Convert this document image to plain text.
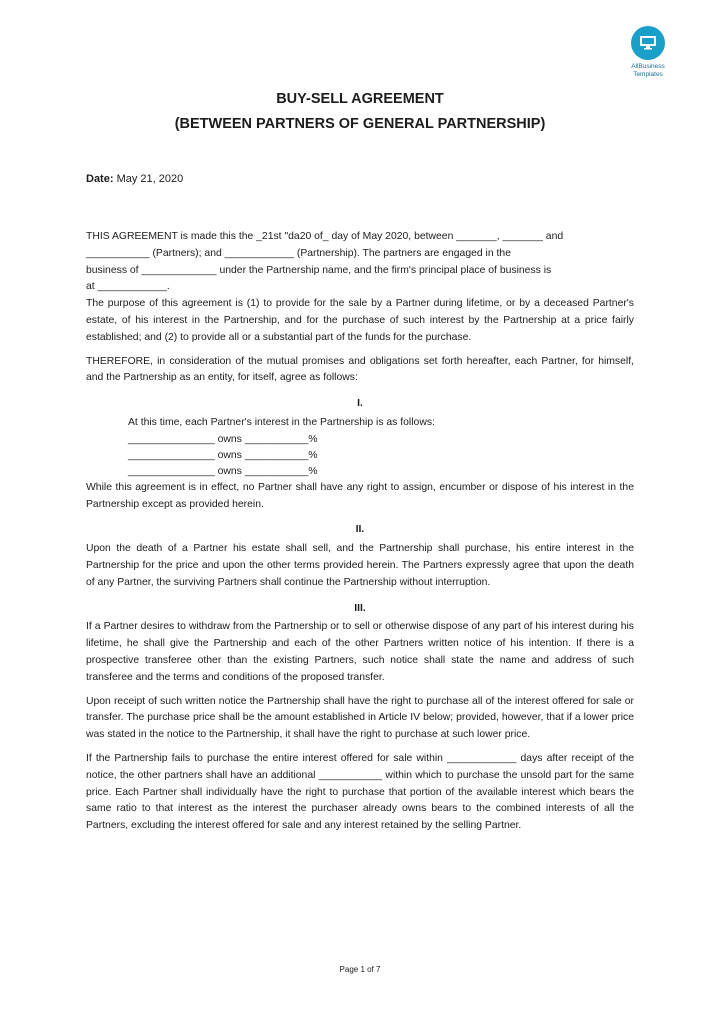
AllBusiness
Templates
BUY-SELL AGREEMENT
(BETWEEN PARTNERS OF GENERAL PARTNERSHIP)
Date: May 21, 2020

THIS AGREEMENT is made this the _21st "da20 of_ day of May 2020, between _______, _______ and

___________ (Partners); and ____________ (Partnership). The partners are engaged in the

business of _____________ under the Partnership name, and the firm's principal place of business is

at ____________.

The purpose of this agreement is (1) to provide for the sale by a Partner during lifetime, or by a deceased Partner's estate, of his interest in the Partnership, and for the purchase of such interest by the Partnership at a price fairly established; and (2) to provide all or a substantial part of the funds for the purchase.

THEREFORE, in consideration of the mutual promises and obligations set forth hereafter, each Partner, for himself, and the Partnership as an entity, for itself, agree as follows:

I.

At this time, each Partner's interest in the Partnership is as follows:

_______________ owns ___________%

_______________ owns ___________%

_______________ owns ___________%

While this agreement is in effect, no Partner shall have any right to assign, encumber or dispose of his interest in the Partnership except as provided herein.

II.

Upon the death of a Partner his estate shall sell, and the Partnership shall purchase, his entire interest in the Partnership for the price and upon the other terms provided herein. The Partners expressly agree that upon the death of any Partner, the surviving Partners shall continue the Partnership without interruption.

III.

If a Partner desires to withdraw from the Partnership or to sell or otherwise dispose of any part of his interest during his lifetime, he shall give the Partnership and each of the other Partners written notice of his intention. If there is a prospective transferee other than the existing Partners, such notice shall state the name and address of such transferee and the terms and conditions of the proposed transfer.

Upon receipt of such written notice the Partnership shall have the right to purchase all of the interest offered for sale or transfer. The purchase price shall be the amount established in Article IV below; provided, however, that if a lower price was stated in the notice to the Partnership, it shall have the right to purchase at such lower price.

If the Partnership fails to purchase the entire interest offered for sale within ____________ days after receipt of the notice, the other partners shall have an additional ___________ within which to purchase the unsold part for the same price. Each Partner shall individually have the right to purchase that portion of the available interest which bears the same ratio to that interest as the interest the purchaser already owns bears to the combined interests of all the Partners, excluding the interest offered for sale and any interest retained by the selling Partner.

Page 1 of 7
